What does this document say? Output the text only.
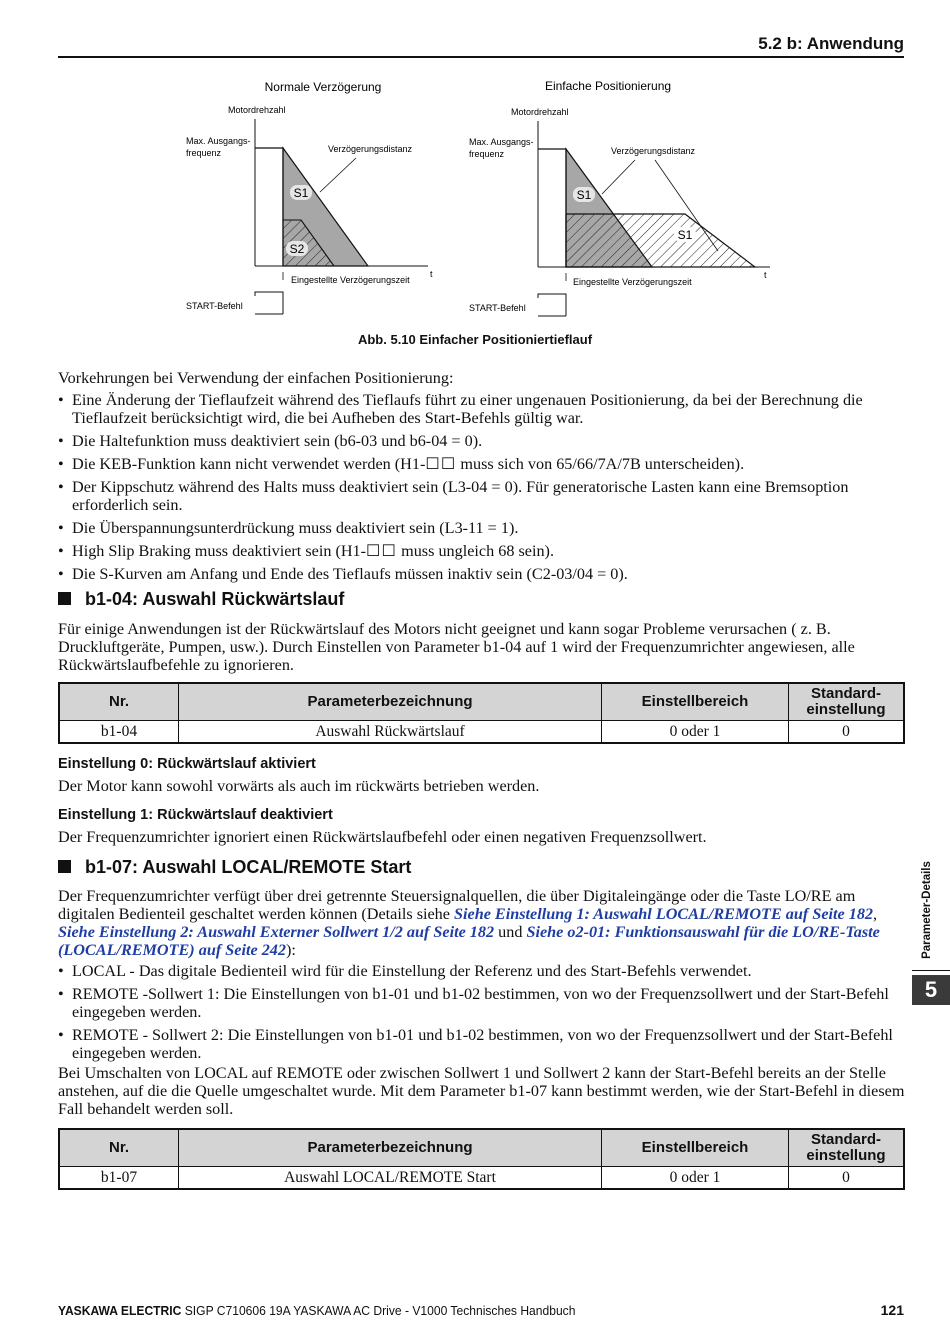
5.2 b: Anwendung
Normale Verzögerung
Motordrehzahl
Max. Ausgangs-
frequenz
S1
S2
Verzögerungsdistanz
t
Eingestellte Verzögerungszeit
START-Befehl
Einfache Positionierung
Motordrehzahl
Max. Ausgangs-
frequenz
S1
S1
Verzögerungsdistanz
t
Eingestellte Verzögerungszeit
START-Befehl
Abb. 5.10 Einfacher Positioniertieflauf

Vorkehrungen bei Verwendung der einfachen Positionierung:

• Eine Änderung der Tieflaufzeit während des Tieflaufs führt zu einer ungenauen Positionierung, da bei der Berechnung die Tieflaufzeit berücksichtigt wird, die bei Aufheben des Start-Befehls gültig war.
• Die Haltefunktion muss deaktiviert sein (b6-03 und b6-04 = 0).
• Die KEB-Funktion kann nicht verwendet werden (H1-☐☐ muss sich von 65/66/7A/7B unterscheiden).
• Der Kippschutz während des Halts muss deaktiviert sein (L3-04 = 0). Für generatorische Lasten kann eine Bremsoption erforderlich sein.
• Die Überspannungsunterdrückung muss deaktiviert sein (L3-11 = 1).
• High Slip Braking muss deaktiviert sein (H1-☐☐ muss ungleich 68 sein).
• Die S-Kurven am Anfang und Ende des Tieflaufs müssen inaktiv sein (C2-03/04 = 0).
b1-04: Auswahl Rückwärtslauf
Für einige Anwendungen ist der Rückwärtslauf des Motors nicht geeignet und kann sogar Probleme verursachen ( z. B. Druckluftgeräte, Pumpen, usw.). Durch Einstellen von Parameter b1-04 auf 1 wird der Frequenzumrichter angewiesen, alle Rückwärtslaufbefehle zu ignorieren.
Nr.	Parameterbezeichnung	Einstellbereich	Standard-
einstellung
b1-04	Auswahl Rückwärtslauf	0 oder 1	0
Einstellung 0: Rückwärtslauf aktiviert
Der Motor kann sowohl vorwärts als auch im rückwärts betrieben werden.
Einstellung 1: Rückwärtslauf deaktiviert
Der Frequenzumrichter ignoriert einen Rückwärtslaufbefehl oder einen negativen Frequenzsollwert.
b1-07: Auswahl LOCAL/REMOTE Start
Der Frequenzumrichter verfügt über drei getrennte Steuersignalquellen, die über Digitaleingänge oder die Taste LO/RE am digitalen Bedienteil geschaltet werden können (Details siehe Siehe Einstellung 1: Auswahl LOCAL/REMOTE auf Seite 182, Siehe Einstellung 2: Auswahl Externer Sollwert 1/2 auf Seite 182 und Siehe o2-01: Funktionsauswahl für die LO/RE-Taste (LOCAL/REMOTE) auf Seite 242):
• LOCAL - Das digitale Bedienteil wird für die Einstellung der Referenz und des Start-Befehls verwendet.
• REMOTE -Sollwert 1: Die Einstellungen von b1-01 und b1-02 bestimmen, von wo der Frequenzsollwert und der Start-Befehl eingegeben werden.
• REMOTE - Sollwert 2: Die Einstellungen von b1-01 und b1-02 bestimmen, von wo der Frequenzsollwert und der Start-Befehl eingegeben werden.
Bei Umschalten von LOCAL auf REMOTE oder zwischen Sollwert 1 und Sollwert 2 kann der Start-Befehl bereits an der Stelle anstehen, auf die die Quelle umgeschaltet wurde. Mit dem Parameter b1-07 kann bestimmt werden, wie der Start-Befehl in diesem Fall behandelt werden soll.
Nr.	Parameterbezeichnung	Einstellbereich	Standard-
einstellung
b1-07	Auswahl LOCAL/REMOTE Start	0 oder 1	0
Parameter-Details
5
YASKAWA ELECTRIC SIGP C710606 19A YASKAWA AC Drive - V1000 Technisches Handbuch	121
